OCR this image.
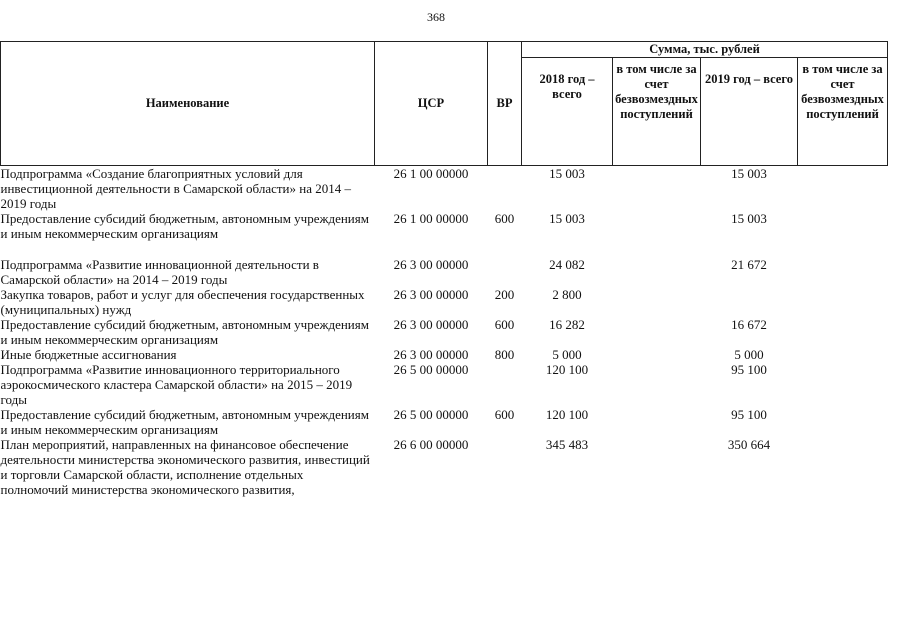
368
Наименование	ЦСР	ВР	Сумма, тыс. рублей			
			2018 год – всего	в том числе за счет безвозмездных поступлений	2019 год – всего	в том числе за счет безвозмездных поступлений
Подпрограмма «Создание благоприятных условий для инвестиционной деятельности в Самарской области» на 2014 – 2019 годы	26 1 00 00000		15 003		15 003	
Предоставление субсидий бюджетным, автономным учреждениям и иным некоммерческим организациям	26 1 00 00000	600	15 003		15 003	

Подпрограмма «Развитие инновационной деятельности в Самарской области» на 2014 – 2019 годы	26 3 00 00000		24 082		21 672	
Закупка товаров, работ и услуг для обеспечения государственных (муниципальных) нужд	26 3 00 00000	200	2 800			
Предоставление субсидий бюджетным, автономным учреждениям и иным некоммерческим организациям	26 3 00 00000	600	16 282		16 672	
Иные бюджетные ассигнования	26 3 00 00000	800	5 000		5 000	
Подпрограмма «Развитие инновационного территориального аэрокосмического кластера Самарской области» на 2015 – 2019 годы	26 5 00 00000		120 100		95 100	
Предоставление субсидий бюджетным, автономным учреждениям и иным некоммерческим организациям	26 5 00 00000	600	120 100		95 100	
План мероприятий, направленных на финансовое обеспечение деятельности министерства экономического развития, инвестиций и торговли Самарской области, исполнение отдельных полномочий министерства экономического развития,	26 6 00 00000		345 483		350 664	
